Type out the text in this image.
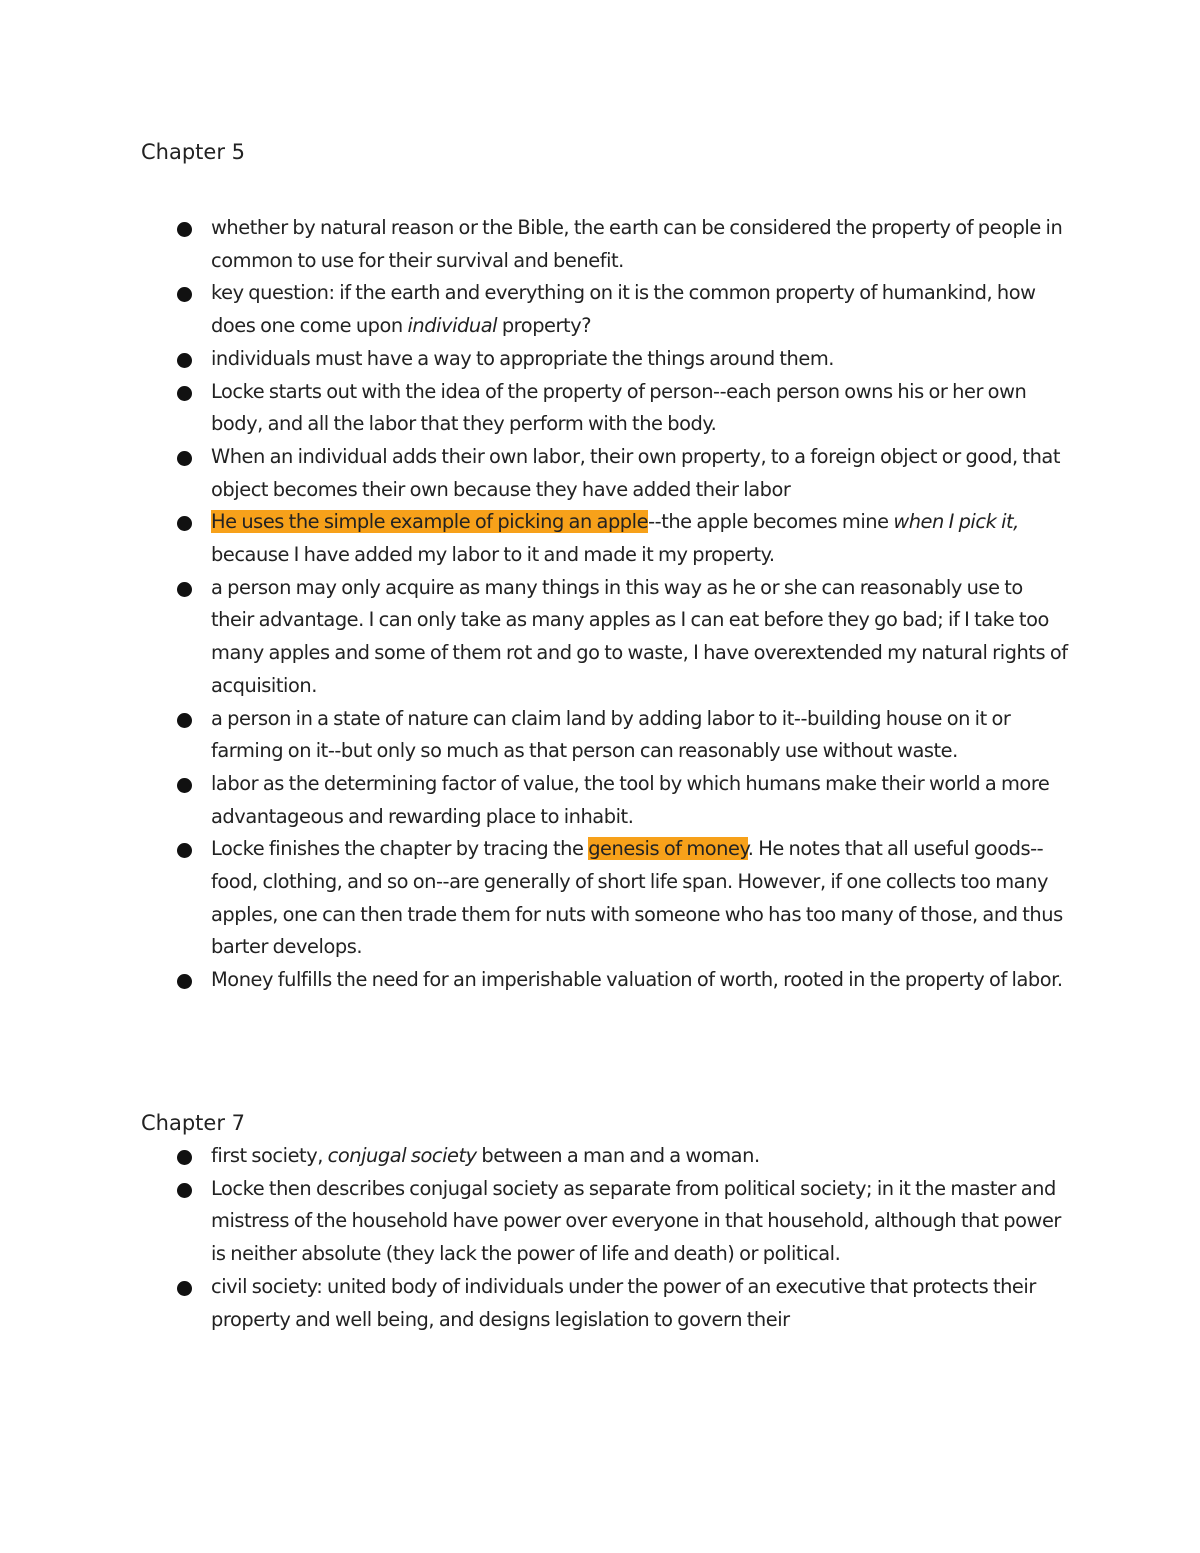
Chapter 5
whether by natural reason or the Bible, the earth can be considered the property of people in common to use for their survival and benefit.
key question: if the earth and everything on it is the common property of humankind, how does one come upon individual property?
individuals must have a way to appropriate the things around them.
Locke starts out with the idea of the property of person--each person owns his or her own body, and all the labor that they perform with the body.
When an individual adds their own labor, their own property, to a foreign object or good, that object becomes their own because they have added their labor
He uses the simple example of picking an apple--the apple becomes mine when I pick it, because I have added my labor to it and made it my property.
a person may only acquire as many things in this way as he or she can reasonably use to their advantage. I can only take as many apples as I can eat before they go bad; if I take too many apples and some of them rot and go to waste, I have overextended my natural rights of acquisition.
a person in a state of nature can claim land by adding labor to it--building house on it or farming on it--but only so much as that person can reasonably use without waste.
labor as the determining factor of value, the tool by which humans make their world a more advantageous and rewarding place to inhabit.
Locke finishes the chapter by tracing the genesis of money. He notes that all useful goods--food, clothing, and so on--are generally of short life span. However, if one collects too many apples, one can then trade them for nuts with someone who has too many of those, and thus barter develops.
Money fulfills the need for an imperishable valuation of worth, rooted in the property of labor.
Chapter 7
first society, conjugal society between a man and a woman.
Locke then describes conjugal society as separate from political society; in it the master and mistress of the household have power over everyone in that household, although that power is neither absolute (they lack the power of life and death) or political.
civil society: united body of individuals under the power of an executive that protects their property and well being, and designs legislation to govern their
